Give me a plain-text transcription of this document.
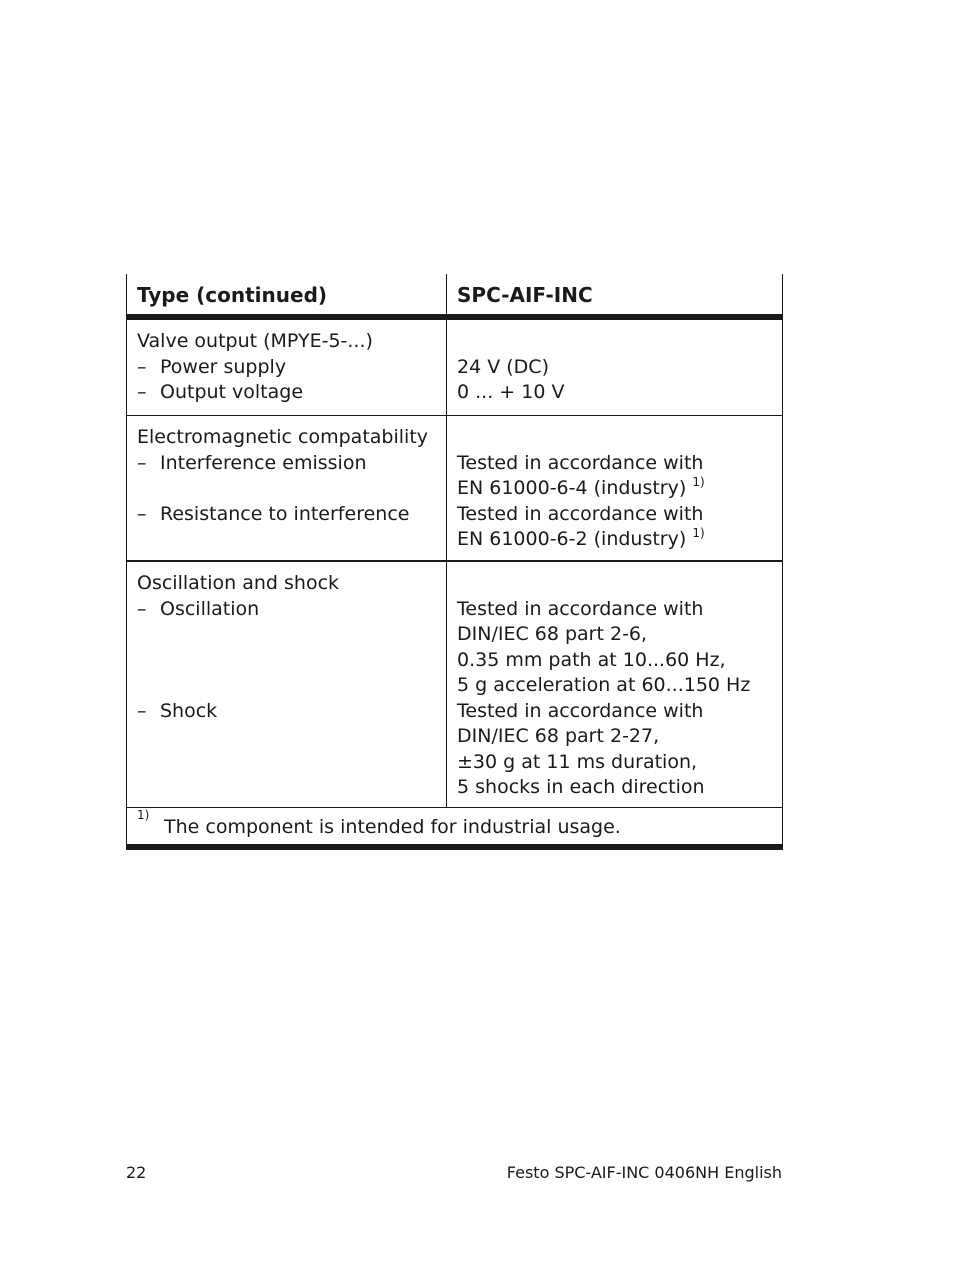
Type (continued)	SPC-AIF-INC
Valve output (MPYE-5-...)
– Power supply
– Output voltage
24 V (DC)
0 ... + 10 V
Electromagnetic compatability
– Interference emission
– Resistance to interference
Tested in accordance with
EN 61000-6-4 (industry) $^{1)}$
Tested in accordance with
EN 61000-6-2 (industry) $^{1)}$
Oscillation and shock
– Oscillation
– Shock
Tested in accordance with
DIN/IEC 68 part 2-6,
0.35 mm path at 10...60 Hz,
5 g acceleration at 60...150 Hz
Tested in accordance with
DIN/IEC 68 part 2-27,
±30 g at 11 ms duration,
5 shocks in each direction
1)
The component is intended for industrial usage.
22	Festo SPC-AIF-INC 0406NH English
